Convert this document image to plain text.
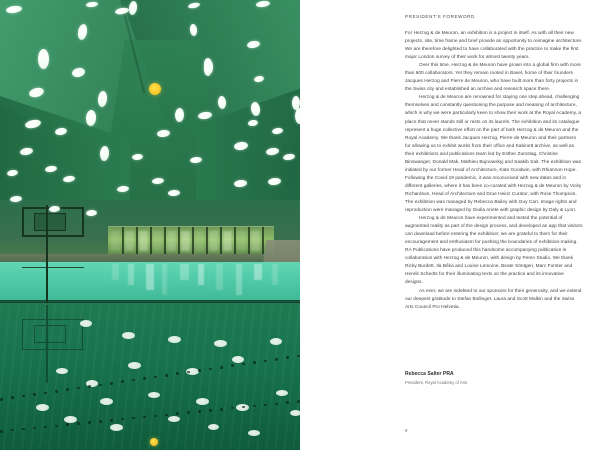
PRESIDENT'S FOREWORD

For Herzog & de Meuron, an exhibition is a project in itself. As with all their new projects, site, time frame and brief provide an opportunity to reimagine architecture. We are therefore delighted to have collaborated with the practice to make the first major London survey of their work for almost twenty years.

Over this time, Herzog & de Meuron have grown into a global firm with more than 600 collaborators. Yet they remain rooted in Basel, home of their founders Jacques Herzog and Pierre de Meuron, who have built more than forty projects in the Swiss city and established an archive and research space there.

Herzog & de Meuron are renowned for staying one step ahead, challenging themselves and constantly questioning the purpose and meaning of architecture, which is why we were particularly keen to show their work at the Royal Academy, a place that never stands still or rests on its laurels. The exhibition and its catalogue represent a huge collective effort on the part of both Herzog & de Meuron and the Royal Academy. We thank Jacques Herzog, Pierre de Meuron and their partners for allowing us to exhibit works from their office and Kabinett archive, as well as their exhibitions and publications team led by Esther Zumstag, Christine Binswanger, Donald Mak, Mathieu Bujnowskyj and Saakib Sait. The exhibition was initiated by our former Head of Architecture, Kate Goodwin, with Rhiannon Hope. Following the Covid-19 pandemic, it was reconceived with new dates and in different galleries, where it has been co-curated with Herzog & de Meuron by Vicky Richardson, Head of Architecture and Drue Heinz Curator, with Rose Thompson. The exhibition was managed by Rebecca Bailey with Guy Carr. Image rights and reproduction were managed by Giulia Ariete with graphic design by Daly & Lyon.

Herzog & de Meuron have experimented and tested the potential of augmented reality as part of the design process, and developed an app that visitors can download before entering the exhibition; we are grateful to them for their encouragement and enthusiasm for pushing the boundaries of exhibition-making. RA Publications have produced this handsome accompanying publication in collaboration with Herzog & de Meuron, with design by Pemn Studio. We thank Ricky Burdett, Ila Bêka and Louise Lemoine, Beate Söntgen, Marc Forster and Henrik Schedts for their illuminating texts on the practice and its innovative designs.

As ever, we are indebted to our sponsors for their generosity, and we extend our deepest gratitude to Stefan Bollinger, Laura and Scott Malkin and the Swiss Arts Council Pro Helvetia.

Rebecca Salter PRA

President, Royal Academy of Arts

9
